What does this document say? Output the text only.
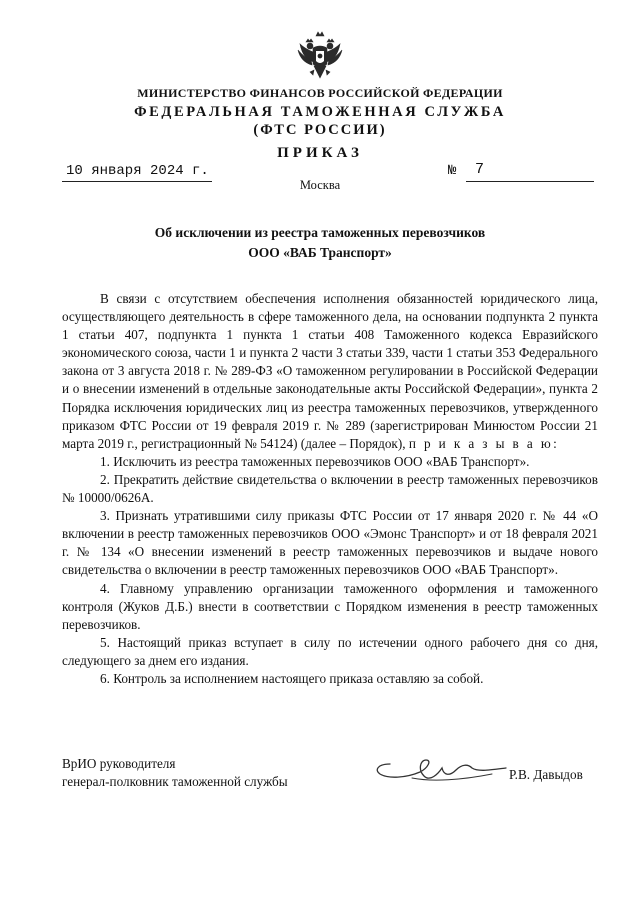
МИНИСТЕРСТВО ФИНАНСОВ РОССИЙСКОЙ ФЕДЕРАЦИИ
ФЕДЕРАЛЬНАЯ ТАМОЖЕННАЯ СЛУЖБА
(ФТС РОССИИ)
ПРИКАЗ
10 января 2024 г.	№ 7
Москва
Об исключении из реестра таможенных перевозчиков
ООО «ВАБ Транспорт»

В связи с отсутствием обеспечения исполнения обязанностей юридического лица, осуществляющего деятельность в сфере таможенного дела, на основании подпункта 2 пункта 1 статьи 407, подпункта 1 пункта 1 статьи 408 Таможенного кодекса Евразийского экономического союза, части 1 и пункта 2 части 3 статьи 339, части 1 статьи 353 Федерального закона от 3 августа 2018 г. № 289-ФЗ «О таможенном регулировании в Российской Федерации и о внесении изменений в отдельные законодательные акты Российской Федерации», пункта 2 Порядка исключения юридических лиц из реестра таможенных перевозчиков, утвержденного приказом ФТС России от 19 февраля 2019 г. № 289 (зарегистрирован Минюстом России 21 марта 2019 г., регистрационный № 54124) (далее – Порядок), п р и к а з ы в а ю:

1. Исключить из реестра таможенных перевозчиков ООО «ВАБ Транспорт».

2. Прекратить действие свидетельства о включении в реестр таможенных перевозчиков № 10000/0626А.

3. Признать утратившими силу приказы ФТС России от 17 января 2020 г. № 44 «О включении в реестр таможенных перевозчиков ООО «Эмонс Транспорт» и от 18 февраля 2021 г. № 134 «О внесении изменений в реестр таможенных перевозчиков и выдаче нового свидетельства о включении в реестр таможенных перевозчиков ООО «ВАБ Транспорт».

4. Главному управлению организации таможенного оформления и таможенного контроля (Жуков Д.Б.) внести в соответствии с Порядком изменения в реестр таможенных перевозчиков.

5. Настоящий приказ вступает в силу по истечении одного рабочего дня со дня, следующего за днем его издания.

6. Контроль за исполнением настоящего приказа оставляю за собой.

ВрИО руководителя
генерал-полковник таможенной службы	Р.В. Давыдов
